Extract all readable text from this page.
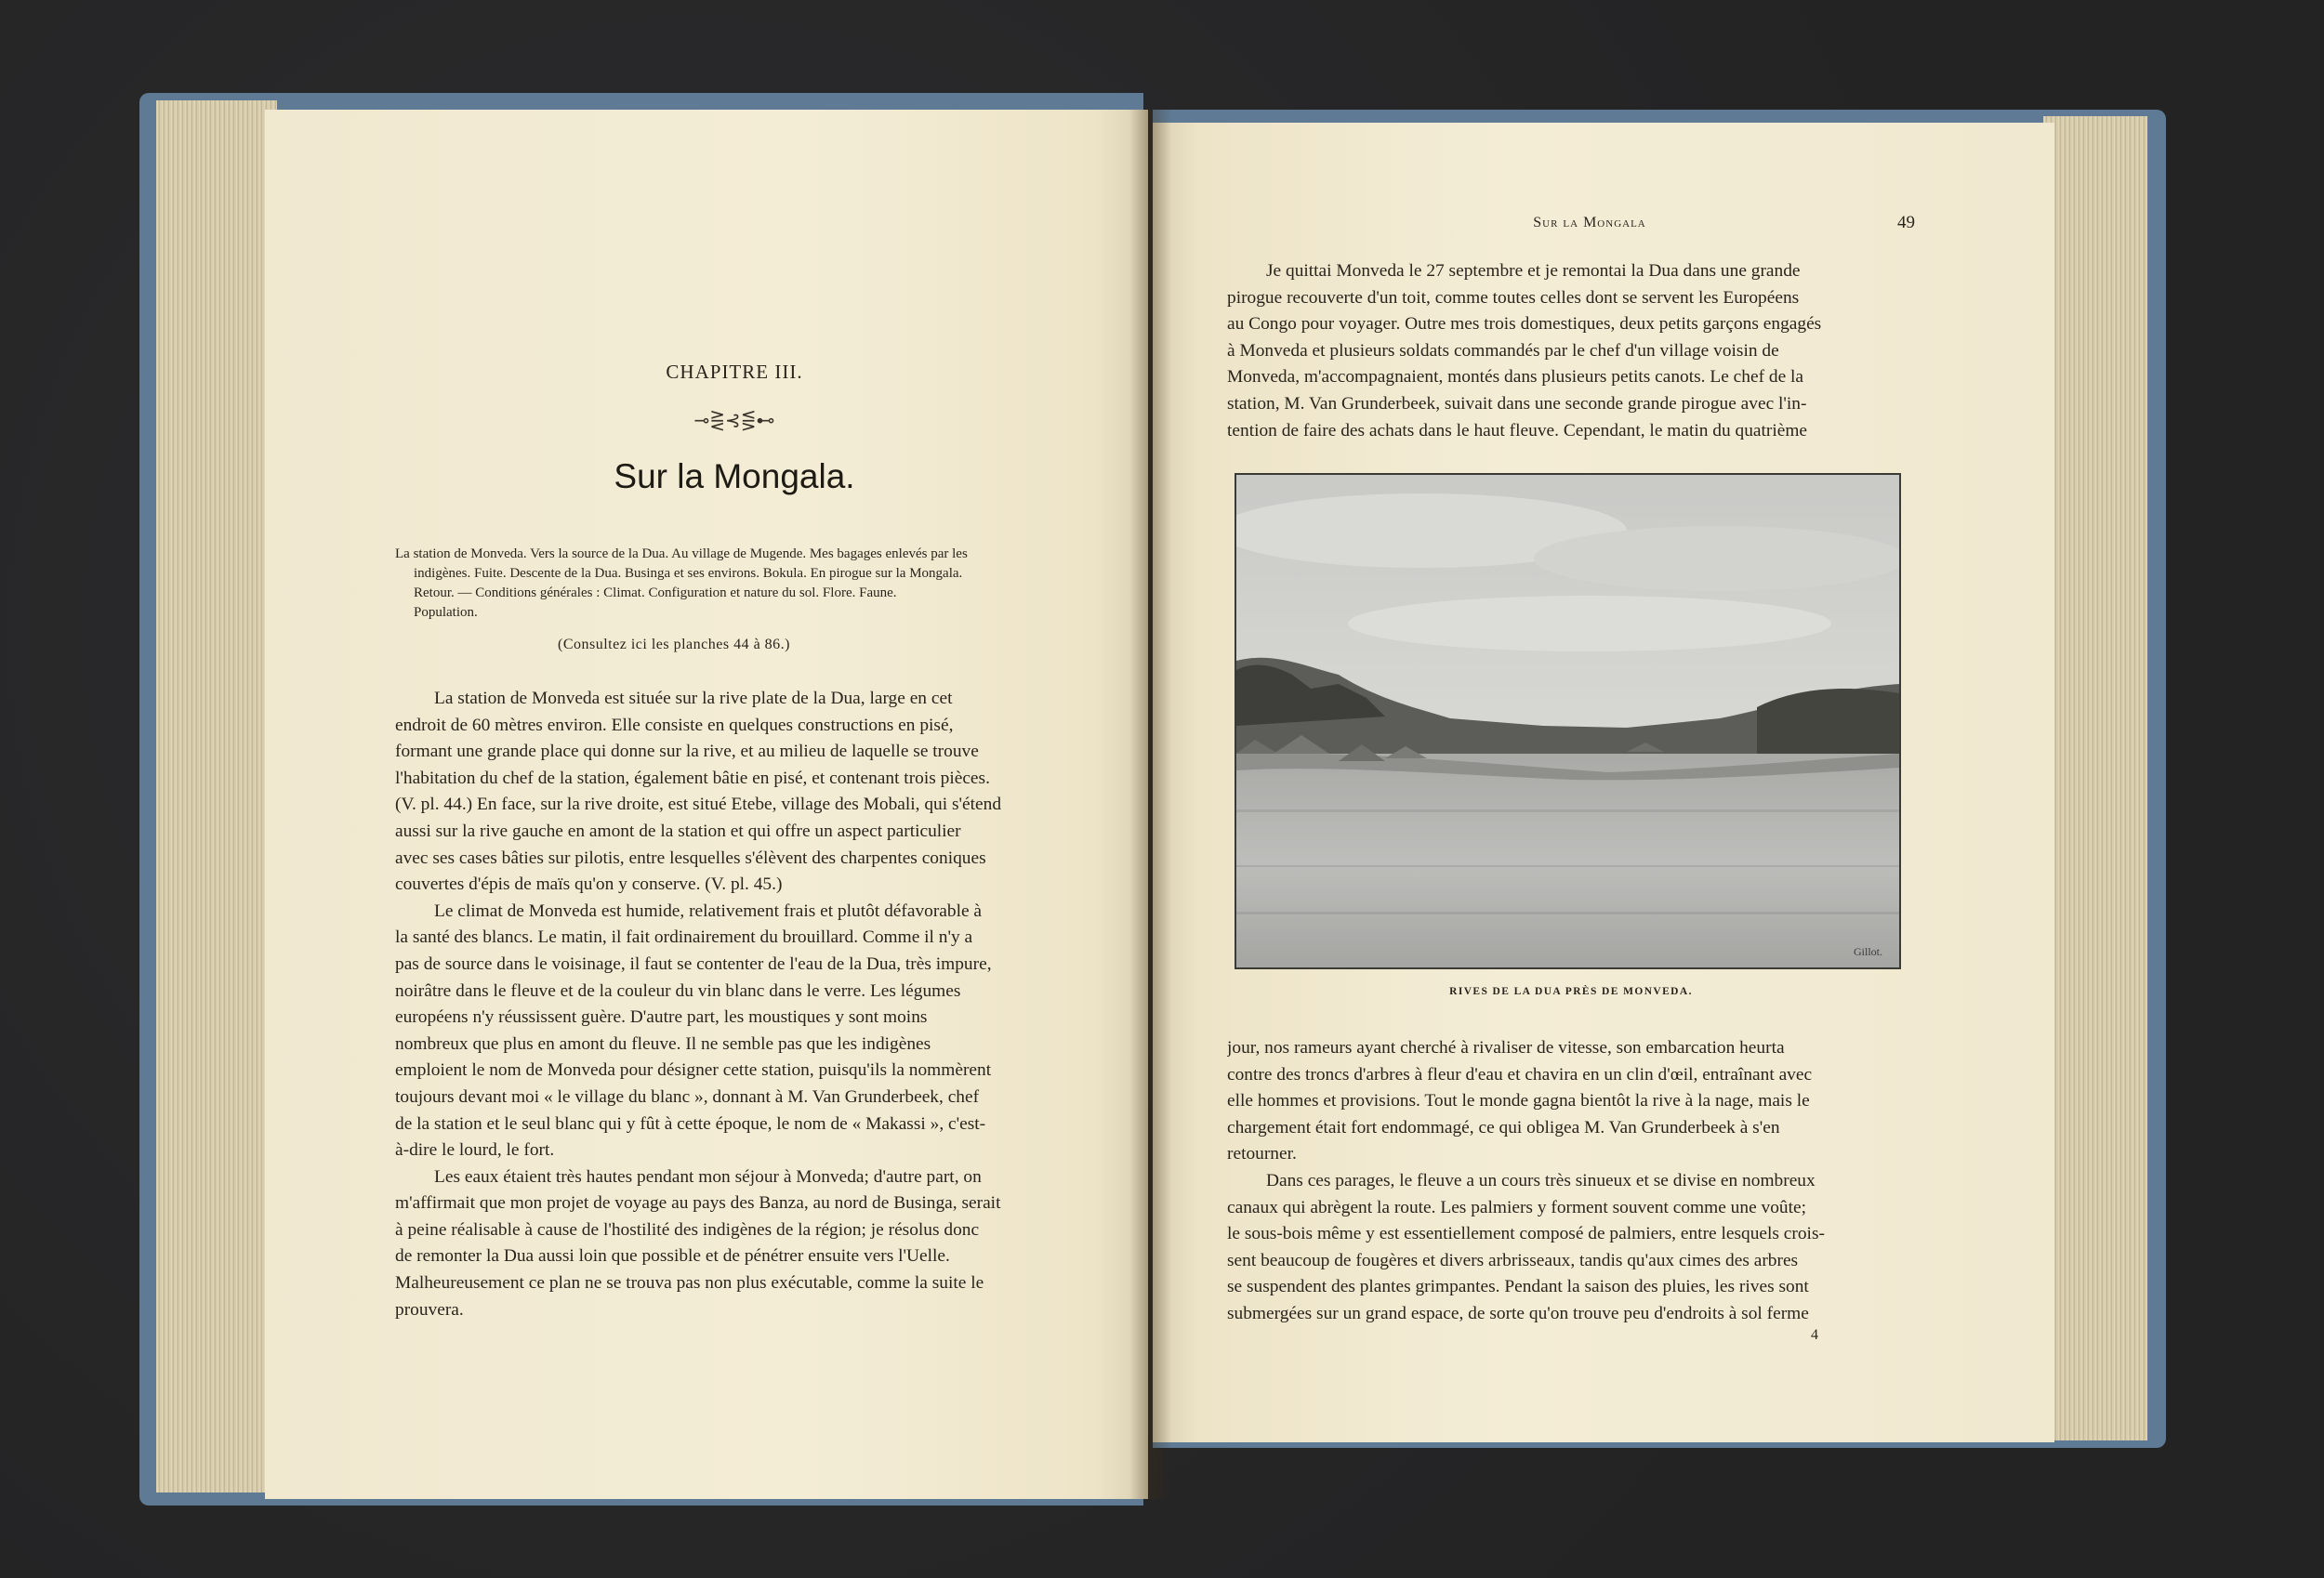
CHAPITRE III.
⊸⋛⊰⋚⊷
Sur la Mongala.
La station de Monveda. Vers la source de la Dua. Au village de Mugende. Mes bagages enlevés par les
indigènes. Fuite. Descente de la Dua. Businga et ses environs. Bokula. En pirogue sur la Mongala.
Retour. — Conditions générales : Climat. Configuration et nature du sol. Flore. Faune.
Population.
(Consultez ici les planches 44 à 86.)
La station de Monveda est située sur la rive plate de la Dua, large en cet
endroit de 60 mètres environ. Elle consiste en quelques constructions en pisé,
formant une grande place qui donne sur la rive, et au milieu de laquelle se trouve
l'habitation du chef de la station, également bâtie en pisé, et contenant trois pièces.
(V. pl. 44.) En face, sur la rive droite, est situé Etebe, village des Mobali, qui s'étend
aussi sur la rive gauche en amont de la station et qui offre un aspect particulier
avec ses cases bâties sur pilotis, entre lesquelles s'élèvent des charpentes coniques
couvertes d'épis de maïs qu'on y conserve. (V. pl. 45.)
Le climat de Monveda est humide, relativement frais et plutôt défavorable à
la santé des blancs. Le matin, il fait ordinairement du brouillard. Comme il n'y a
pas de source dans le voisinage, il faut se contenter de l'eau de la Dua, très impure,
noirâtre dans le fleuve et de la couleur du vin blanc dans le verre. Les légumes
européens n'y réussissent guère. D'autre part, les moustiques y sont moins
nombreux que plus en amont du fleuve. Il ne semble pas que les indigènes
emploient le nom de Monveda pour désigner cette station, puisqu'ils la nommèrent
toujours devant moi « le village du blanc », donnant à M. Van Grunderbeek, chef
de la station et le seul blanc qui y fût à cette époque, le nom de « Makassi », c'est-
à-dire le lourd, le fort.
Les eaux étaient très hautes pendant mon séjour à Monveda; d'autre part, on
m'affirmait que mon projet de voyage au pays des Banza, au nord de Businga, serait
à peine réalisable à cause de l'hostilité des indigènes de la région; je résolus donc
de remonter la Dua aussi loin que possible et de pénétrer ensuite vers l'Uelle.
Malheureusement ce plan ne se trouva pas non plus exécutable, comme la suite le
prouvera.
Sur la Mongala	49
Je quittai Monveda le 27 septembre et je remontai la Dua dans une grande
pirogue recouverte d'un toit, comme toutes celles dont se servent les Européens
au Congo pour voyager. Outre mes trois domestiques, deux petits garçons engagés
à Monveda et plusieurs soldats commandés par le chef d'un village voisin de
Monveda, m'accompagnaient, montés dans plusieurs petits canots. Le chef de la
station, M. Van Grunderbeek, suivait dans une seconde grande pirogue avec l'in-
tention de faire des achats dans le haut fleuve. Cependant, le matin du quatrième
Gillot.
RIVES DE LA DUA PRÈS DE MONVEDA.
jour, nos rameurs ayant cherché à rivaliser de vitesse, son embarcation heurta
contre des troncs d'arbres à fleur d'eau et chavira en un clin d'œil, entraînant avec
elle hommes et provisions. Tout le monde gagna bientôt la rive à la nage, mais le
chargement était fort endommagé, ce qui obligea M. Van Grunderbeek à s'en
retourner.
Dans ces parages, le fleuve a un cours très sinueux et se divise en nombreux
canaux qui abrègent la route. Les palmiers y forment souvent comme une voûte;
le sous-bois même y est essentiellement composé de palmiers, entre lesquels crois-
sent beaucoup de fougères et divers arbrisseaux, tandis qu'aux cimes des arbres
se suspendent des plantes grimpantes. Pendant la saison des pluies, les rives sont
submergées sur un grand espace, de sorte qu'on trouve peu d'endroits à sol ferme
4
